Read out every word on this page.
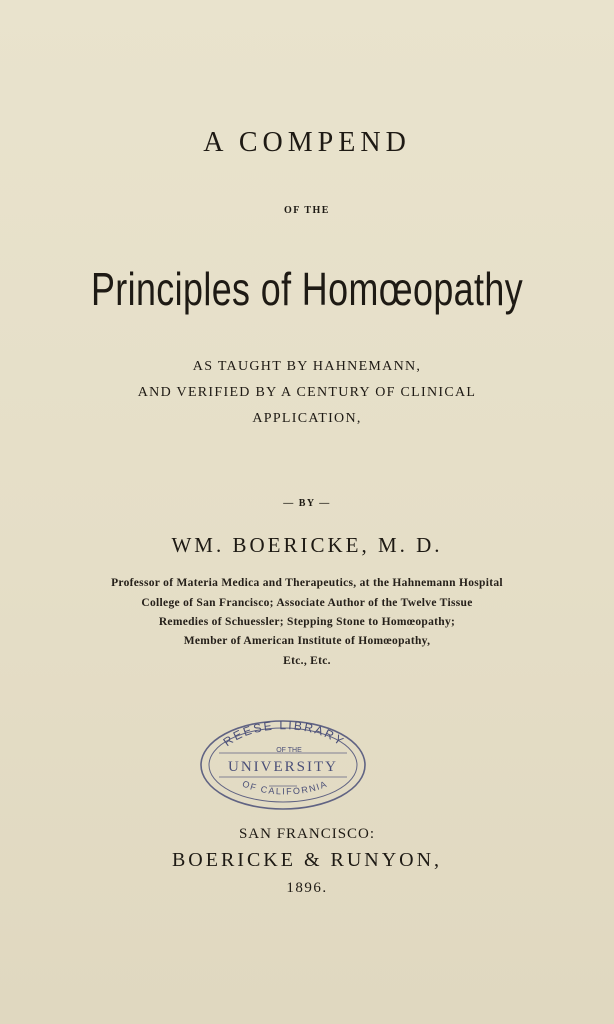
A COMPEND
OF THE
Principles of Homœopathy
AS TAUGHT BY HAHNEMANN,
AND VERIFIED BY A CENTURY OF CLINICAL
APPLICATION,
— BY —
WM. BOERICKE, M. D.
Professor of Materia Medica and Therapeutics, at the Hahnemann Hospital
College of San Francisco; Associate Author of the Twelve Tissue
Remedies of Schuessler; Stepping Stone to Homœopathy;
Member of American Institute of Homœopathy,
Etc., Etc.
REESE LIBRARY
OF THE
UNIVERSITY
OF CALIFORNIA
SAN FRANCISCO:
BOERICKE & RUNYON,
1896.
